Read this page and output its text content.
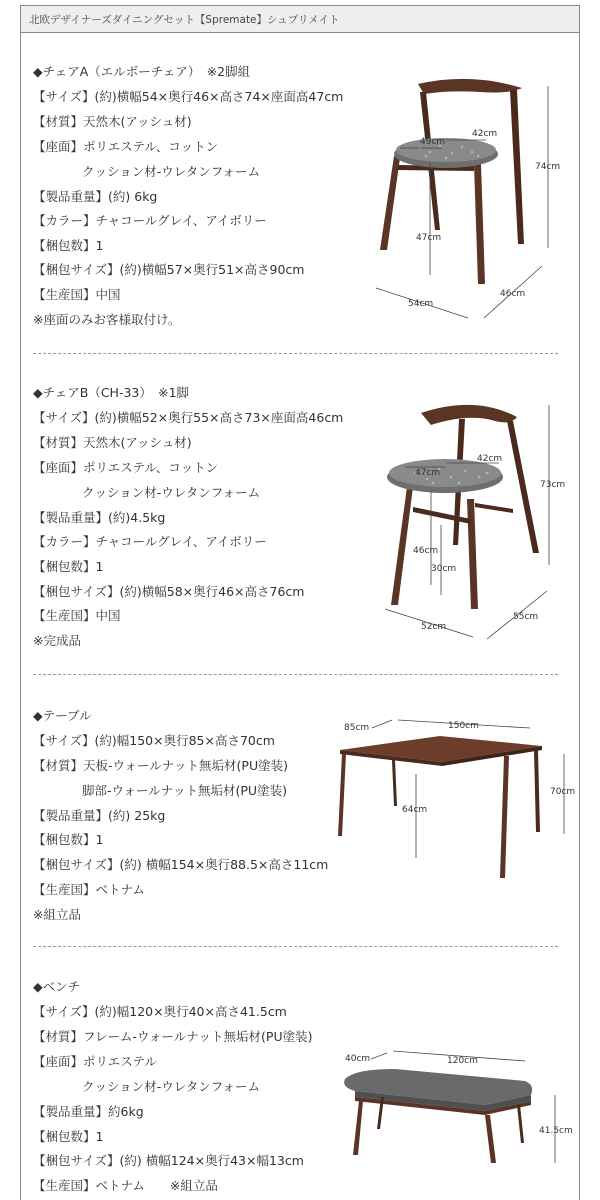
北欧デザイナーズダイニングセット【Spremate】シュプリメイト
◆チェアA（エルボーチェア）　※2脚組
【サイズ】(約)横幅54×奥行46×高さ74×座面高47cm
【材質】天然木(アッシュ材)
【座面】ポリエステル、コットン
クッション材-ウレタンフォーム
【製品重量】(約) 6kg
【カラー】チャコールグレイ、アイボリー
【梱包数】1
【梱包サイズ】(約)横幅57×奥行51×高さ90cm
【生産国】中国
※座面のみお客様取付け。
49cm
42cm
74cm
47cm
54cm
46cm
◆チェアB（CH-33）　※1脚
【サイズ】(約)横幅52×奥行55×高さ73×座面高46cm
【材質】天然木(アッシュ材)
【座面】ポリエステル、コットン
クッション材-ウレタンフォーム
【製品重量】(約)4.5kg
【カラー】チャコールグレイ、アイボリー
【梱包数】1
【梱包サイズ】(約)横幅58×奥行46×高さ76cm
【生産国】中国
※完成品
47cm
42cm
73cm
46cm
30cm
52cm
55cm
◆テーブル
【サイズ】(約)幅150×奥行85×高さ70cm
【材質】天板-ウォールナット無垢材(PU塗装)
脚部-ウォールナット無垢材(PU塗装)
【製品重量】(約) 25kg
【梱包数】1
【梱包サイズ】(約) 横幅154×奥行88.5×高さ11cm
【生産国】ベトナム
※組立品
85cm	150cm
70cm
64cm
◆ベンチ
【サイズ】(約)幅120×奥行40×高さ41.5cm
【材質】フレーム-ウォールナット無垢材(PU塗装)
【座面】ポリエステル
クッション材-ウレタンフォーム
【製品重量】約6kg
【梱包数】1
【梱包サイズ】(約) 横幅124×奥行43×幅13cm
【生産国】ベトナム　　※組立品
40cm	120cm
41.5cm
